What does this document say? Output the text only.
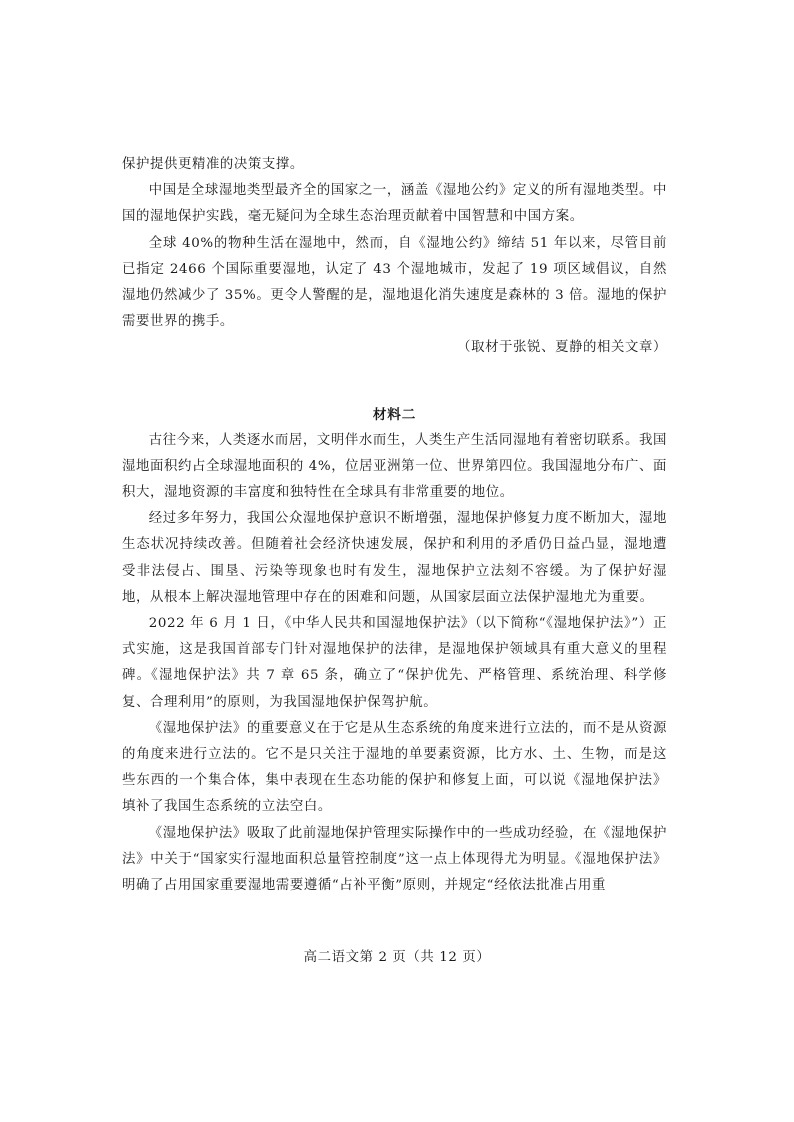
保护提供更精准的决策支撑。

中国是全球湿地类型最齐全的国家之一，涵盖《湿地公约》定义的所有湿地类型。中国的湿地保护实践，毫无疑问为全球生态治理贡献着中国智慧和中国方案。

全球 40%的物种生活在湿地中，然而，自《湿地公约》缔结 51 年以来，尽管目前已指定 2466 个国际重要湿地，认定了 43 个湿地城市，发起了 19 项区域倡议，自然湿地仍然减少了 35%。更令人警醒的是，湿地退化消失速度是森林的 3 倍。湿地的保护需要世界的携手。

（取材于张锐、夏静的相关文章）

材料二

古往今来，人类逐水而居，文明伴水而生，人类生产生活同湿地有着密切联系。我国湿地面积约占全球湿地面积的 4%，位居亚洲第一位、世界第四位。我国湿地分布广、面积大，湿地资源的丰富度和独特性在全球具有非常重要的地位。

经过多年努力，我国公众湿地保护意识不断增强，湿地保护修复力度不断加大，湿地生态状况持续改善。但随着社会经济快速发展，保护和利用的矛盾仍日益凸显，湿地遭受非法侵占、围垦、污染等现象也时有发生，湿地保护立法刻不容缓。为了保护好湿地，从根本上解决湿地管理中存在的困难和问题，从国家层面立法保护湿地尤为重要。

2022 年 6 月 1 日，《中华人民共和国湿地保护法》（以下简称“《湿地保护法》”）正式实施，这是我国首部专门针对湿地保护的法律，是湿地保护领域具有重大意义的里程碑。《湿地保护法》共 7 章 65 条，确立了“保护优先、严格管理、系统治理、科学修复、合理利用”的原则，为我国湿地保护保驾护航。

《湿地保护法》的重要意义在于它是从生态系统的角度来进行立法的，而不是从资源的角度来进行立法的。它不是只关注于湿地的单要素资源，比方水、土、生物，而是这些东西的一个集合体，集中表现在生态功能的保护和修复上面，可以说《湿地保护法》填补了我国生态系统的立法空白。

《湿地保护法》吸取了此前湿地保护管理实际操作中的一些成功经验，在《湿地保护法》中关于“国家实行湿地面积总量管控制度”这一点上体现得尤为明显。《湿地保护法》明确了占用国家重要湿地需要遵循“占补平衡”原则，并规定“经依法批准占用重

高二语文第 2 页（共 12 页）
